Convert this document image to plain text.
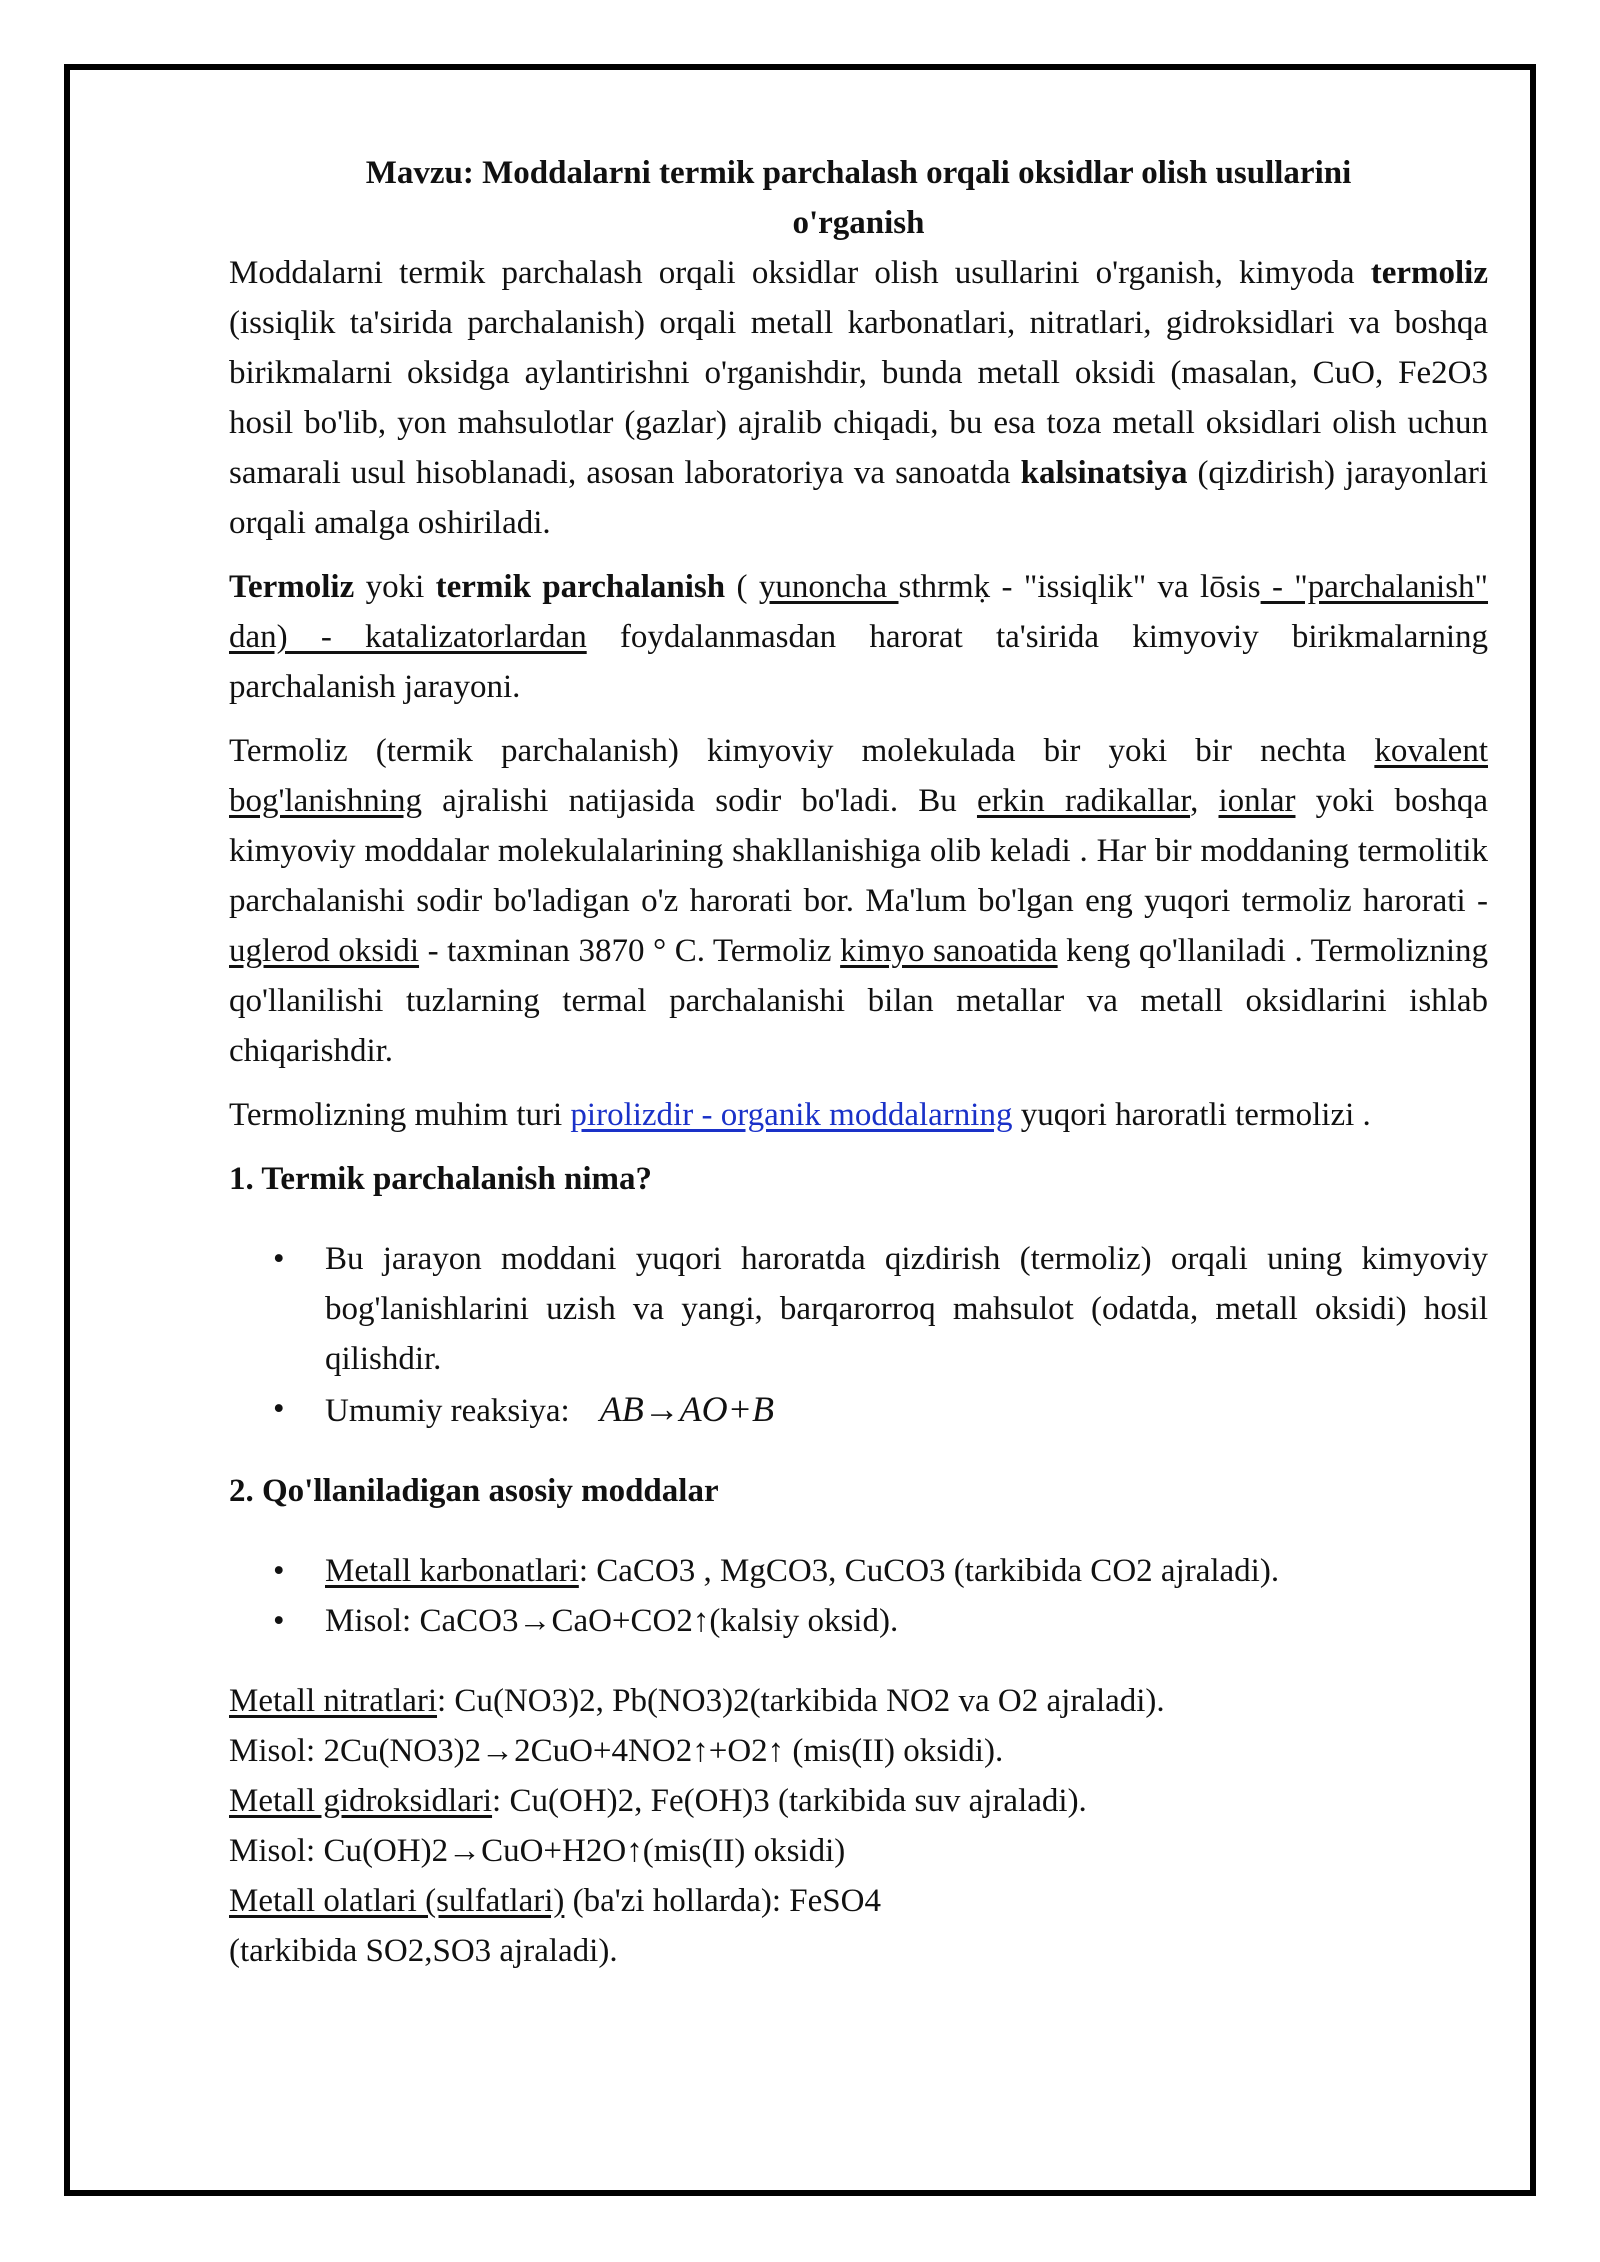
Mavzu: Moddalarni termik parchalash orqali oksidlar olish usullarini
o'rganish

Moddalarni termik parchalash orqali oksidlar olish usullarini o'rganish, kimyoda termoliz (issiqlik ta'sirida parchalanish) orqali metall karbonatlari, nitratlari, gidroksidlari va boshqa birikmalarni oksidga aylantirishni o'rganishdir, bunda metall oksidi (masalan, CuO, Fe2O3 hosil bo'lib, yon mahsulotlar (gazlar) ajralib chiqadi, bu esa toza metall oksidlari olish uchun samarali usul hisoblanadi, asosan laboratoriya va sanoatda kalsinatsiya (qizdirish) jarayonlari orqali amalga oshiriladi.

Termoliz yoki termik parchalanish ( yunoncha sthrmḳ - "issiqlik" va lōsis - "parchalanish" dan) - katalizatorlardan foydalanmasdan harorat ta'sirida kimyoviy birikmalarning parchalanish jarayoni.

Termoliz (termik parchalanish) kimyoviy molekulada bir yoki bir nechta kovalent bog'lanishning ajralishi natijasida sodir bo'ladi. Bu erkin radikallar, ionlar yoki boshqa kimyoviy moddalar molekulalarining shakllanishiga olib keladi . Har bir moddaning termolitik parchalanishi sodir bo'ladigan o'z harorati bor. Ma'lum bo'lgan eng yuqori termoliz harorati - uglerod oksidi - taxminan 3870 ° C. Termoliz kimyo sanoatida keng qo'llaniladi . Termolizning qo'llanilishi tuzlarning termal parchalanishi bilan metallar va metall oksidlarini ishlab chiqarishdir.

Termolizning muhim turi pirolizdir - organik moddalarning yuqori haroratli termolizi .

1. Termik parchalanish nima?
• Bu jarayon moddani yuqori haroratda qizdirish (termoliz) orqali uning kimyoviy bog'lanishlarini uzish va yangi, barqarorroq mahsulot (odatda, metall oksidi) hosil qilishdir.
• Umumiy reaksiya: AB→AO+B
2. Qo'llaniladigan asosiy moddalar
• Metall karbonatlari: CaCO3 , MgCO3, CuCO3 (tarkibida CO2 ajraladi).
• Misol: CaCO3→CaO+CO2↑(kalsiy oksid).
Metall nitratlari: Cu(NO3)2, Pb(NO3)2(tarkibida NO2 va O2 ajraladi).
Misol: 2Cu(NO3)2→2CuO+4NO2↑+O2↑ (mis(II) oksidi).
Metall gidroksidlari: Cu(OH)2, Fe(OH)3 (tarkibida suv ajraladi).
Misol: Cu(OH)2→CuO+H2O↑(mis(II) oksidi)
Metall olatlari (sulfatlari) (ba'zi hollarda): FeSO4
(tarkibida SO2,SO3 ajraladi).
